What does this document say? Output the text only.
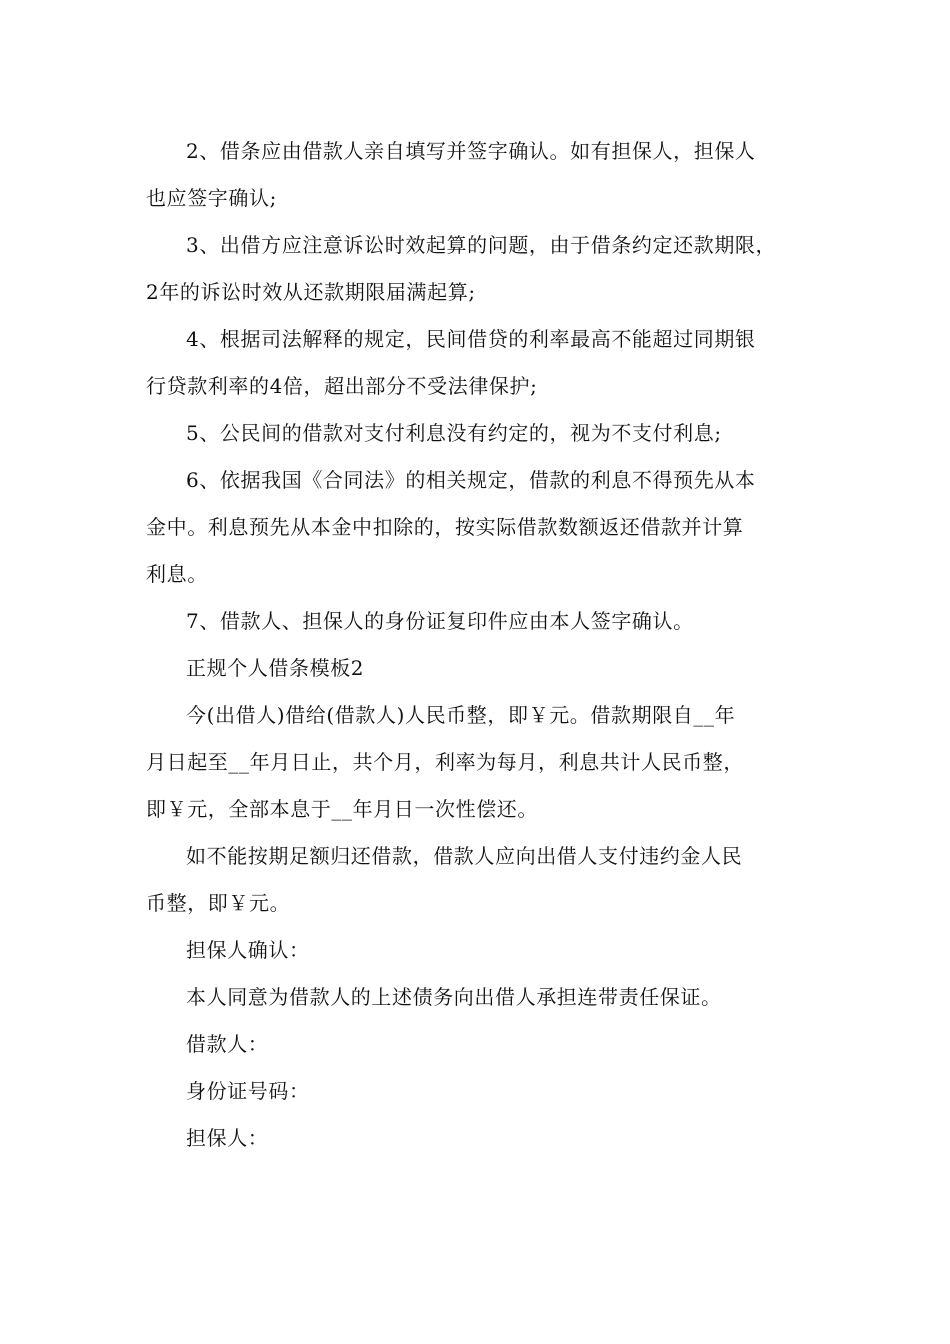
2、借条应由借款人亲自填写并签字确认。如有担保人，担保人
也应签字确认;

3、出借方应注意诉讼时效起算的问题，由于借条约定还款期限，
2年的诉讼时效从还款期限届满起算;

4、根据司法解释的规定，民间借贷的利率最高不能超过同期银
行贷款利率的4倍，超出部分不受法律保护;

5、公民间的借款对支付利息没有约定的，视为不支付利息;

6、依据我国《合同法》的相关规定，借款的利息不得预先从本
金中。利息预先从本金中扣除的，按实际借款数额返还借款并计算
利息。

7、借款人、担保人的身份证复印件应由本人签字确认。

正规个人借条模板2

今(出借人)借给(借款人)人民币整，即￥元。借款期限自__年
月日起至__年月日止，共个月，利率为每月，利息共计人民币整，
即￥元，全部本息于__年月日一次性偿还。

如不能按期足额归还借款，借款人应向出借人支付违约金人民
币整，即￥元。

担保人确认：

本人同意为借款人的上述债务向出借人承担连带责任保证。

借款人：

身份证号码：

担保人：
